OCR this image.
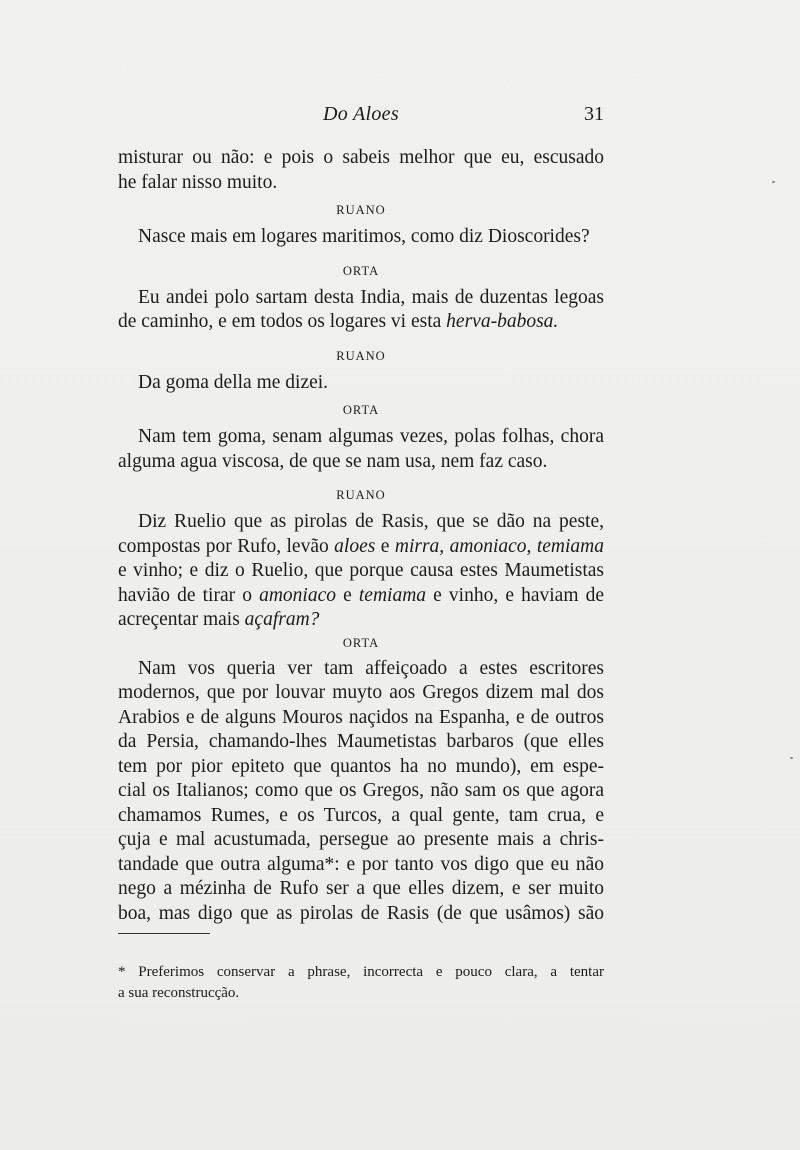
Do Aloes	31

misturar ou não: e pois o sabeis melhor que eu, escusado
he falar nisso muito.

RUANO

Nasce mais em logares maritimos, como diz Dioscorides?

ORTA

Eu andei polo sartam desta India, mais de duzentas legoas
de caminho, e em todos os logares vi esta herva-babosa.

RUANO

Da goma della me dizei.

ORTA

Nam tem goma, senam algumas vezes, polas folhas, chora
alguma agua viscosa, de que se nam usa, nem faz caso.

RUANO

Diz Ruelio que as pirolas de Rasis, que se dão na peste,
compostas por Rufo, levão aloes e mirra, amoniaco, temiama
e vinho; e diz o Ruelio, que porque causa estes Maumetistas
havião de tirar o amoniaco e temiama e vinho, e haviam de
acreçentar mais açafram?

ORTA

Nam vos queria ver tam affeiçoado a estes escritores
modernos, que por louvar muyto aos Gregos dizem mal dos
Arabios e de alguns Mouros naçidos na Espanha, e de outros
da Persia, chamando-lhes Maumetistas barbaros (que elles
tem por pior epiteto que quantos ha no mundo), em espe-
cial os Italianos; como que os Gregos, não sam os que agora
chamamos Rumes, e os Turcos, a qual gente, tam crua, e
çuja e mal acustumada, persegue ao presente mais a chris-
tandade que outra alguma*: e por tanto vos digo que eu não
nego a mézinha de Rufo ser a que elles dizem, e ser muito
boa, mas digo que as pirolas de Rasis (de que usâmos) são

* Preferimos conservar a phrase, incorrecta e pouco clara, a tentar
a sua reconstrucção.
